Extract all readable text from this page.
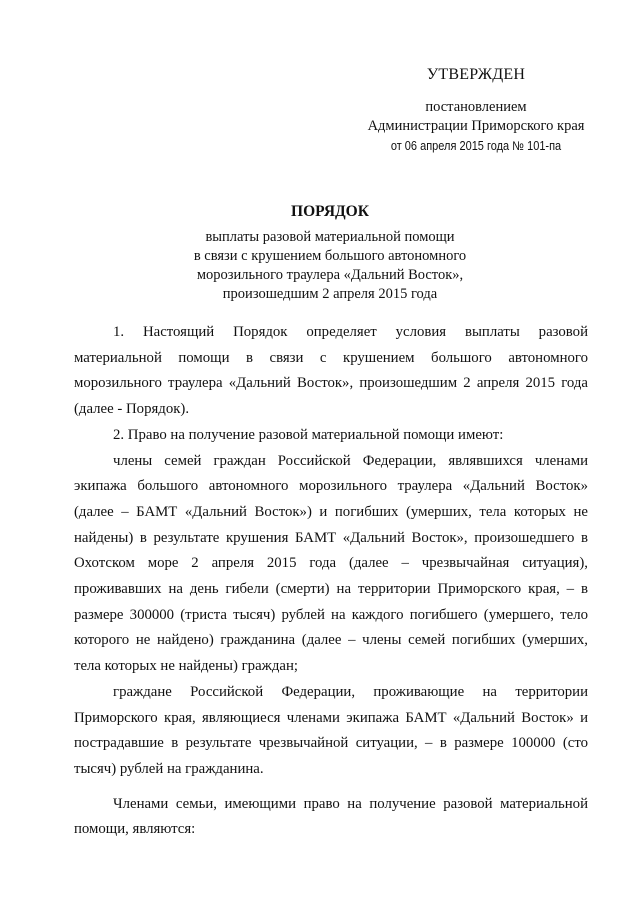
УТВЕРЖДЕН

постановлением

Администрации Приморского края

от 06 апреля 2015 года № 101-па

ПОРЯДОК

выплаты разовой материальной помощи

в связи с крушением большого автономного

морозильного траулера «Дальний Восток»,

произошедшим 2 апреля 2015 года

1. Настоящий Порядок определяет условия выплаты разовой материальной помощи в связи с крушением большого автономного морозильного траулера «Дальний Восток», произошедшим 2 апреля 2015 года (далее - Порядок).

2. Право на получение разовой материальной помощи имеют:

члены семей граждан Российской Федерации, являвшихся членами экипажа большого автономного морозильного траулера «Дальний Восток» (далее – БАМТ «Дальний Восток») и погибших (умерших, тела которых не найдены) в результате крушения БАМТ «Дальний Восток», произошедшего в Охотском море 2 апреля 2015 года (далее – чрезвычайная ситуация), проживавших на день гибели (смерти) на территории Приморского края, – в размере 300000 (триста тысяч) рублей на каждого погибшего (умершего, тело которого не найдено) гражданина (далее – члены семей погибших (умерших, тела которых не найдены) граждан;

граждане Российской Федерации, проживающие на территории Приморского края, являющиеся членами экипажа БАМТ «Дальний Восток» и пострадавшие в результате чрезвычайной ситуации, – в размере 100000 (сто тысяч) рублей на гражданина.

Членами семьи, имеющими право на получение разовой материальной помощи, являются:
